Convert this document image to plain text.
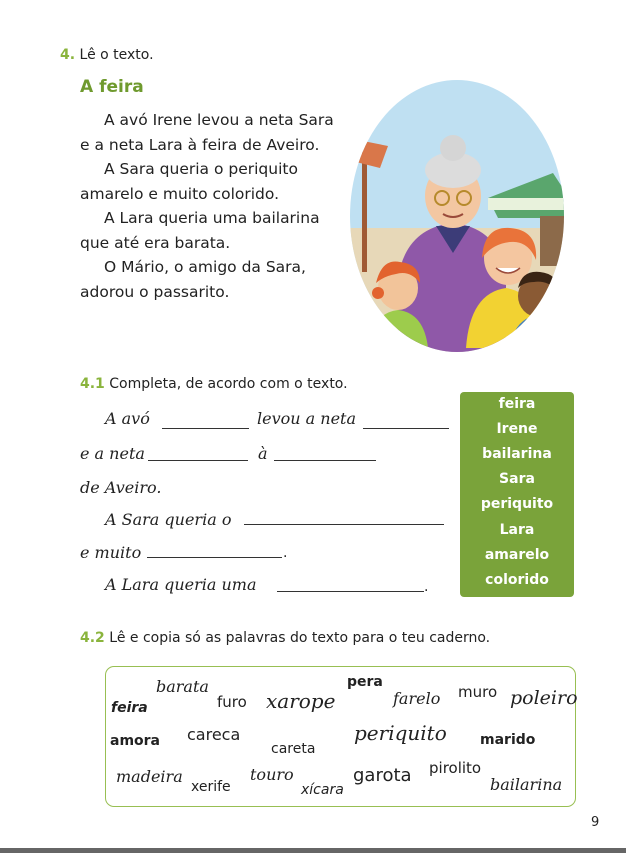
4. Lê o texto.
A feira
A avó Irene levou a neta Sara
e a neta Lara à feira de Aveiro.
A Sara queria o periquito
amarelo e muito colorido.
A Lara queria uma bailarina
que até era barata.
O Mário, o amigo da Sara,
adorou o passarito.
4.1 Completa, de acordo com o texto.
A avó	levou a neta
e a neta	à
de Aveiro.
A Sara queria o
e muito	.
A Lara queria uma	.
feira
Irene
bailarina
Sara
periquito
Lara
amarelo
colorido
4.2 Lê e copia só as palavras do texto para o teu caderno.
barata
furo xarope
pera
farelo muro poleiro
feira
amora careca
careta
periquito marido
madeira
xerife
touro
xícara
garota pirolito
bailarina
9
